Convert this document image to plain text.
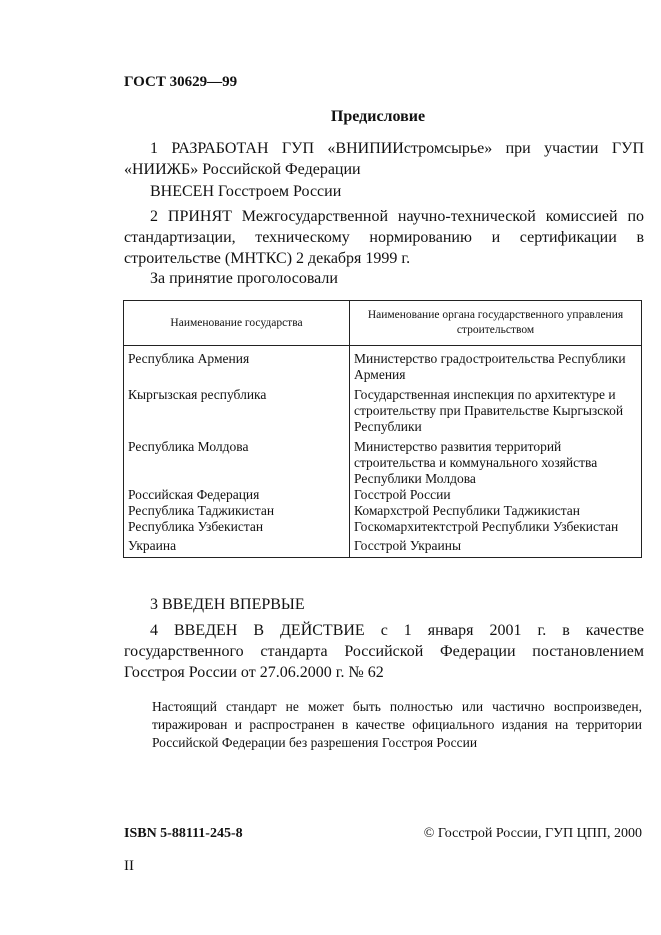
ГОСТ 30629—99
Предисловие

1 РАЗРАБОТАН ГУП «ВНИПИИстромсырье» при участии ГУП «НИИЖБ» Российской Федерации

ВНЕСЕН Госстроем России

2 ПРИНЯТ Межгосударственной научно-технической комиссией по стандартизации, техническому нормированию и сертификации в строительстве (МНТКС) 2 декабря 1999 г.

За принятие проголосовали

Наименование государства	Наименование органа государственного управления строительством
Республика Армения	Министерство градостроительства Республики Армения
Кыргызская республика	Государственная инспекция по архитектуре и строительству при Правительстве Кыргызской Республики
Республика Молдова	Министерство развития территорий строительства и коммунального хозяйства Республики Молдова
Российская Федерация	Госстрой России
Республика Таджикистан	Комархстрой Республики Таджикистан
Республика Узбекистан	Госкомархитектстрой Республики Узбекистан
Украина	Госстрой Украины

3 ВВЕДЕН ВПЕРВЫЕ

4 ВВЕДЕН В ДЕЙСТВИЕ с 1 января 2001 г. в качестве государственного стандарта Российской Федерации постановлением Госстроя России от 27.06.2000 г. № 62

Настоящий стандарт не может быть полностью или частично воспроизведен, тиражирован и распространен в качестве официального издания на территории Российской Федерации без разрешения Госстроя России

ISBN 5-88111-245-8	© Госстрой России, ГУП ЦПП, 2000
II
